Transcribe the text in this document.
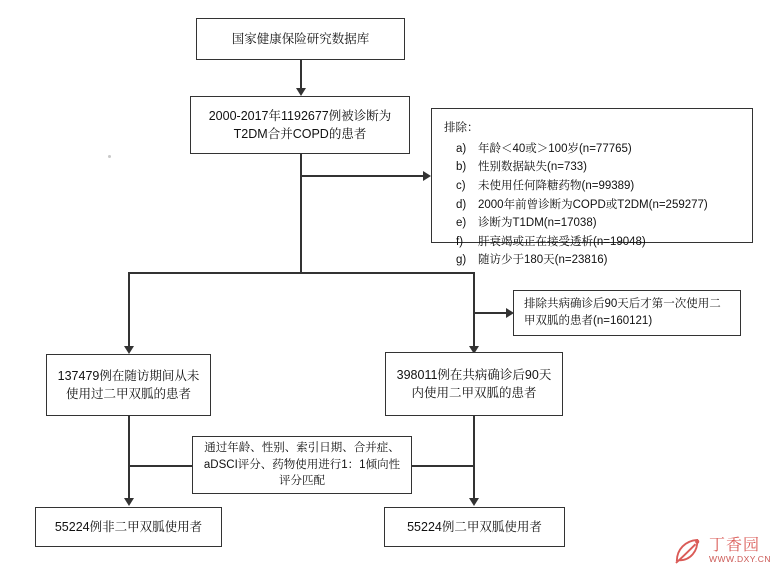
国家健康保险研究数据库
2000-2017年1192677例被诊断为T2DM合并COPD的患者	排除：
a)	年龄＜40或＞100岁(n=77765)
b)	性别数据缺失(n=733)
c)	未使用任何降糖药物(n=99389)
d)	2000年前曾诊断为COPD或T2DM(n=259277)
e)	诊断为T1DM(n=17038)
f)	肝衰竭或正在接受透析(n=19048)
g)	随访少于180天(n=23816)
排除共病确诊后90天后才第一次使用二甲双胍的患者(n=160121)
137479例在随访期间从未使用过二甲双胍的患者
398011例在共病确诊后90天内使用二甲双胍的患者
通过年龄、性别、索引日期、合并症、aDSCI评分、药物使用进行1：1倾向性评分匹配
55224例非二甲双胍使用者	55224例二甲双胍使用者
丁香园
WWW.DXY.CN
